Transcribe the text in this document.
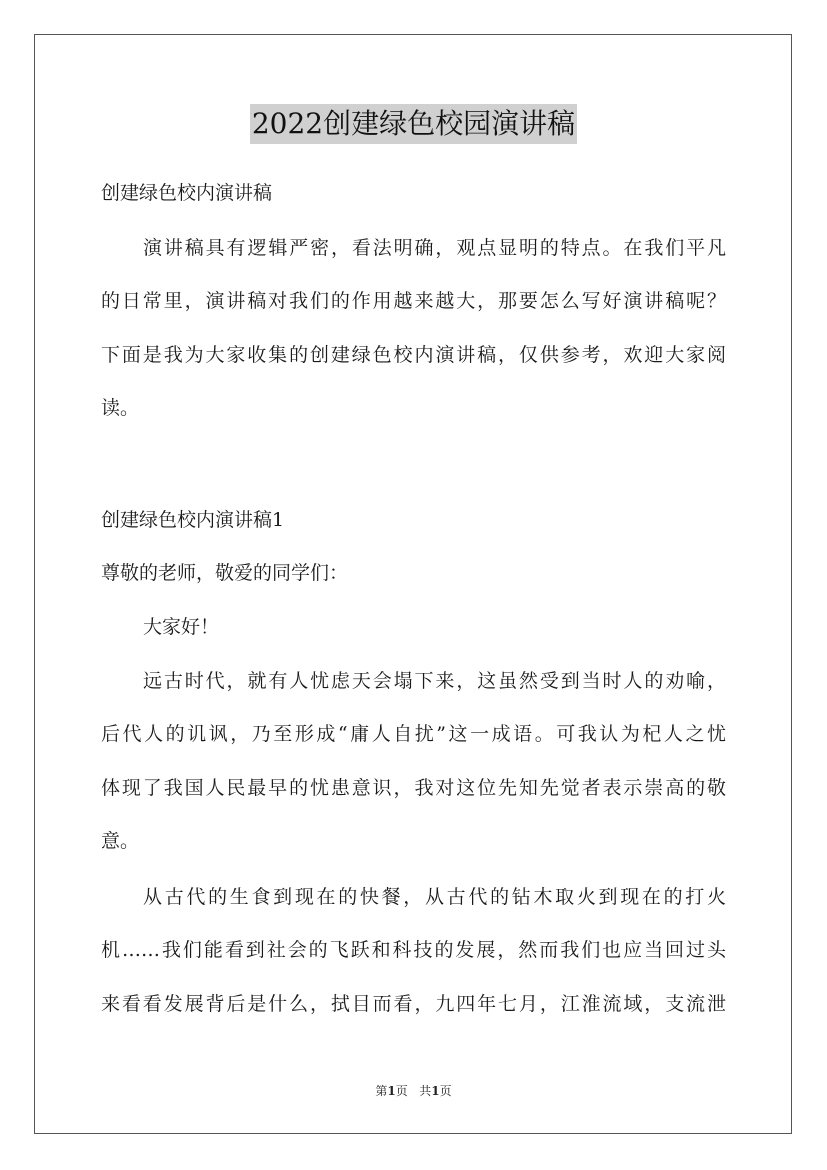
2022创建绿色校园演讲稿
创建绿色校内演讲稿
演讲稿具有逻辑严密，看法明确，观点显明的特点。在我们平凡
的日常里，演讲稿对我们的作用越来越大，那要怎么写好演讲稿呢？
下面是我为大家收集的创建绿色校内演讲稿，仅供参考，欢迎大家阅
读。
创建绿色校内演讲稿1
尊敬的老师，敬爱的同学们：
大家好！
远古时代，就有人忧虑天会塌下来，这虽然受到当时人的劝喻，
后代人的讥讽，乃至形成“庸人自扰”这一成语。可我认为杞人之忧
体现了我国人民最早的忧患意识，我对这位先知先觉者表示崇高的敬
意。
从古代的生食到现在的快餐，从古代的钻木取火到现在的打火
机……我们能看到社会的飞跃和科技的发展，然而我们也应当回过头
来看看发展背后是什么，拭目而看，九四年七月，江淮流域，支流泄
第1页 共1页
